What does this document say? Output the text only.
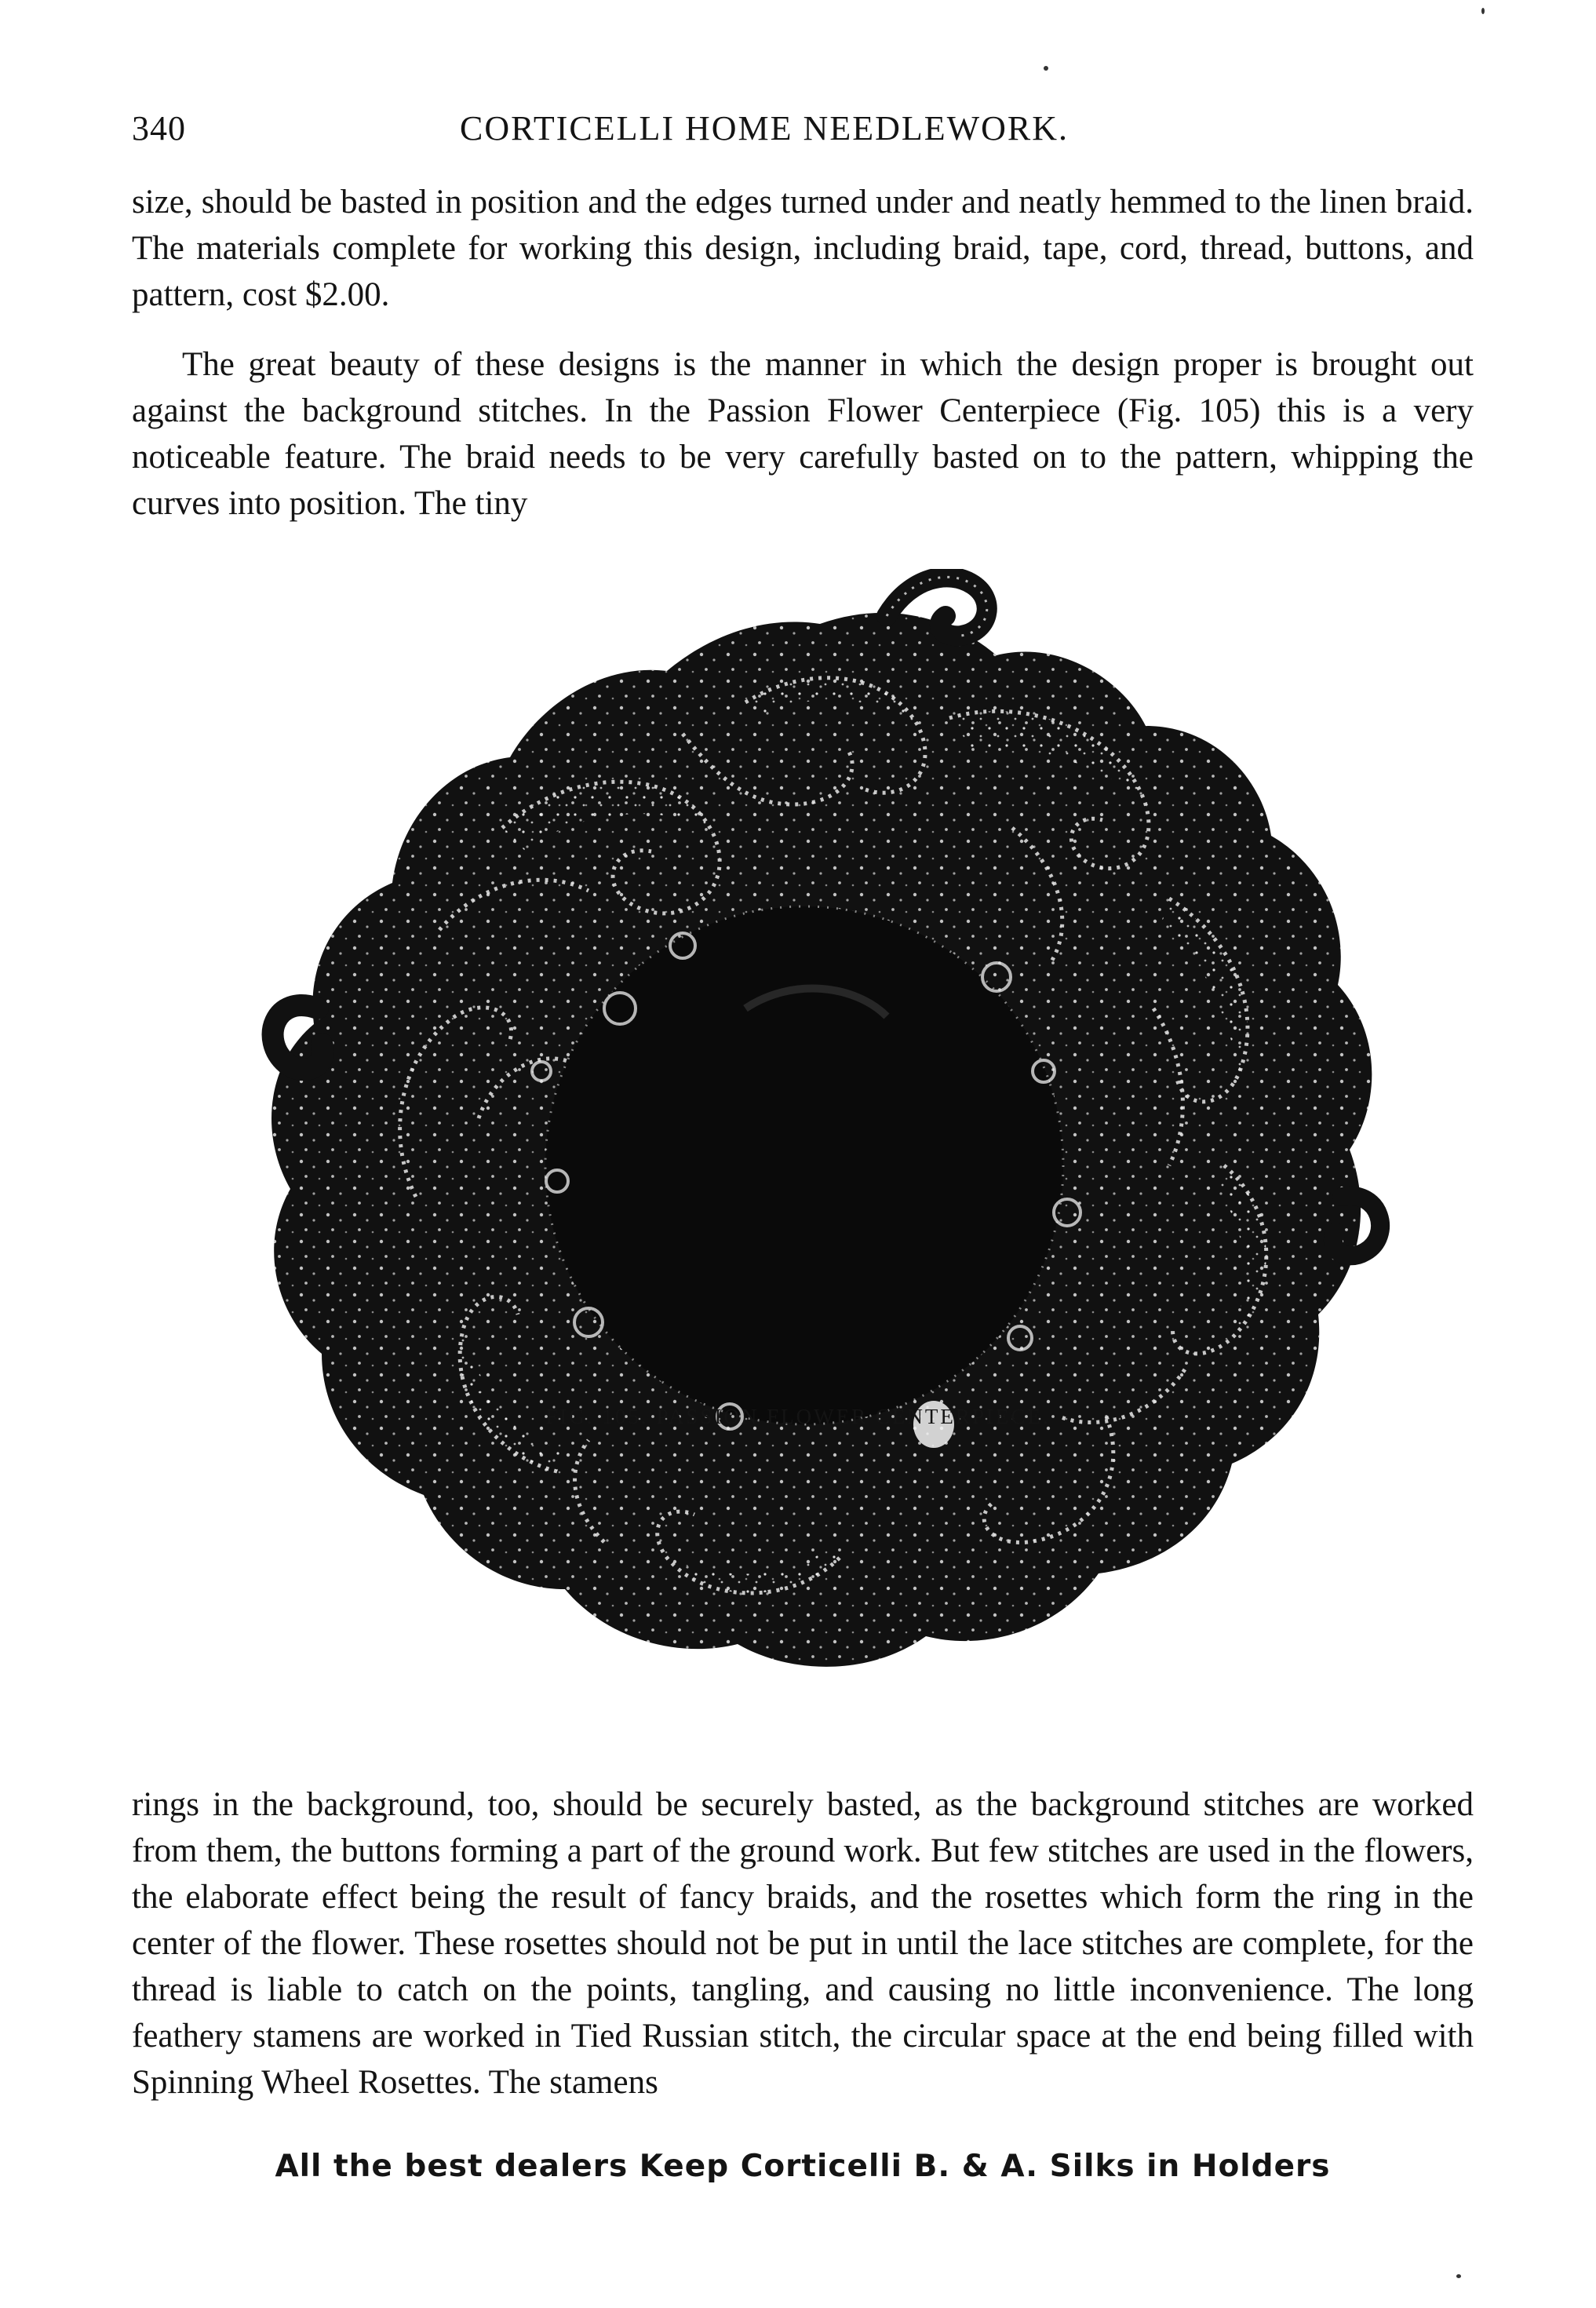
340	CORTICELLI HOME NEEDLEWORK.

size, should be basted in position and the edges turned under and neatly hemmed to the linen braid. The materials complete for working this design, including braid, tape, cord, thread, buttons, and pattern, cost $2.00.

The great beauty of these designs is the manner in which the design proper is brought out against the background stitches. In the Passion Flower Centerpiece (Fig. 105) this is a very noticeable feature. The braid needs to be very carefully basted on to the pattern, whipping the curves into position. The tiny

FIG. 105. PASSION FLOWER CENTERPIECE.

rings in the background, too, should be securely basted, as the background stitches are worked from them, the buttons forming a part of the ground work. But few stitches are used in the flowers, the elaborate effect being the result of fancy braids, and the rosettes which form the ring in the center of the flower. These rosettes should not be put in until the lace stitches are complete, for the thread is liable to catch on the points, tangling, and causing no little inconvenience. The long feathery stamens are worked in Tied Russian stitch, the circular space at the end being filled with Spinning Wheel Rosettes. The stamens

All the best dealers Keep Corticelli B. & A. Silks in Holders
